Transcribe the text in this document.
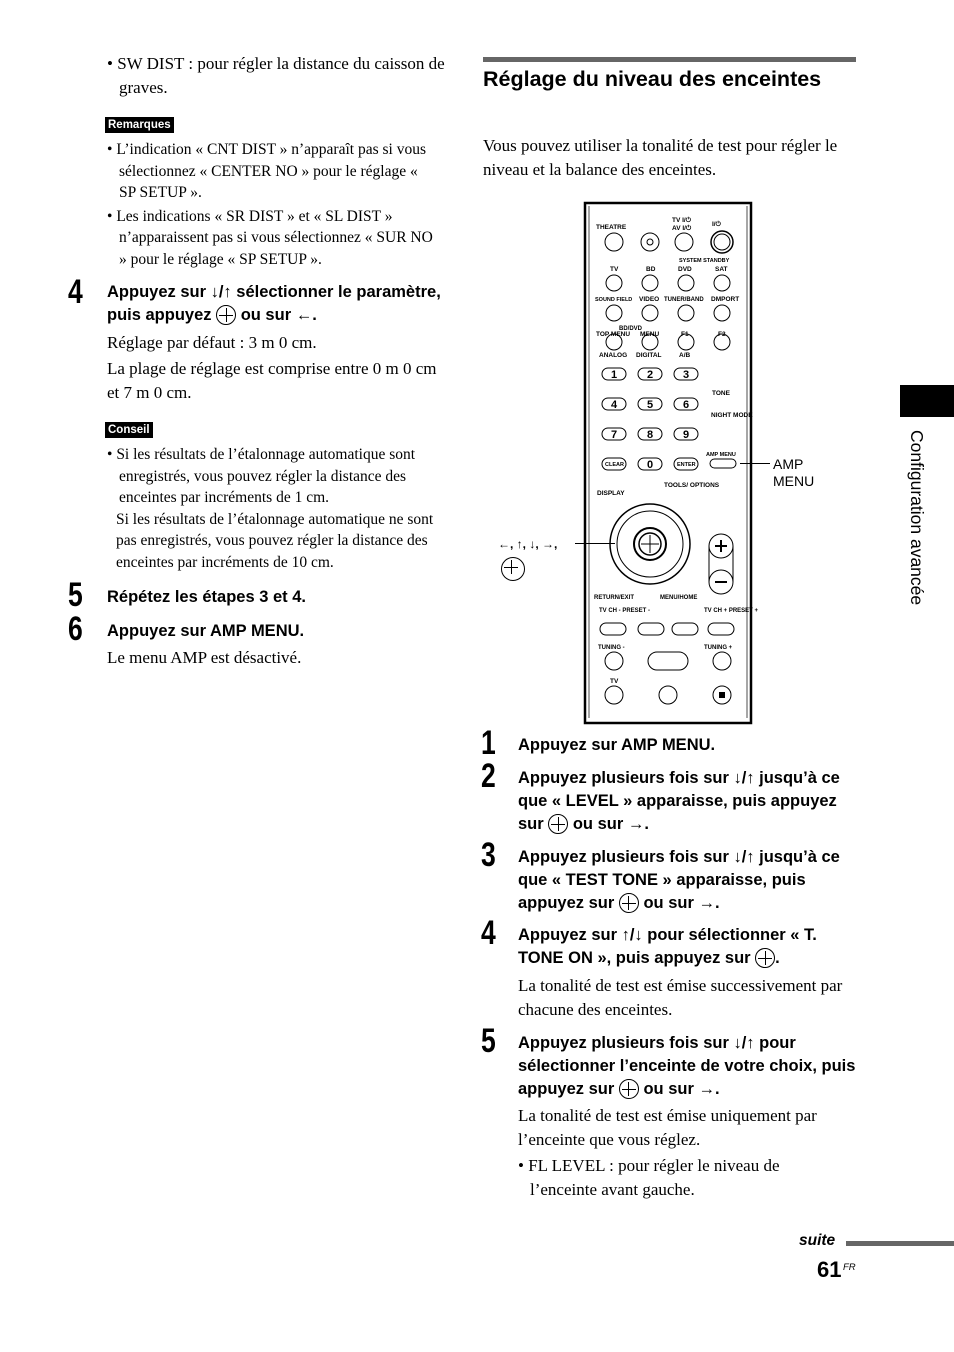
• SW DIST : pour régler la distance du caisson de graves.
Remarques
• L’indication « CNT DIST » n’apparaît pas si vous sélectionnez « CENTER NO » pour le réglage « SP SETUP ».
• Les indications « SR DIST » et « SL DIST » n’apparaissent pas si vous sélectionnez « SUR NO » pour le réglage « SP SETUP ».
4 Appuyez sur ↓/↑ sélectionner le paramètre, puis appuyez  ou sur ←.
Réglage par défaut : 3 m 0 cm.
La plage de réglage est comprise entre 0 m 0 cm et 7 m 0 cm.
Conseil
• Si les résultats de l’étalonnage automatique sont enregistrés, vous pouvez régler la distance des enceintes par incréments de 1 cm.
Si les résultats de l’étalonnage automatique ne sont pas enregistrés, vous pouvez régler la distance des enceintes par incréments de 10 cm.
5 Répétez les étapes 3 et 4.
6 Appuyez sur AMP MENU.
Le menu AMP est désactivé.
Réglage du niveau des enceintes
Vous pouvez utiliser la tonalité de test pour régler le niveau et la balance des enceintes.
THEATRE
TV I/⏻
AV I/⏻
I/⏻
SYSTEM STANDBY
TV	BD	DVD	SAT
SOUND FIELD VIDEO TUNER/BAND DMPORT
BD/DVD
TOP MENU MENU	F1	F2
ANALOG DIGITAL	A/B
1	2	3
4	5	6
7	8	9
CLEAR 0	ENTER
TONE
NIGHT MODE
AMP MENU
TOOLS/ OPTIONS
DISPLAY
RETURN/EXIT	MENU/HOME
TV CH - PRESET -	TV CH + PRESET +
TUNING -	TUNING +
TV
AMP
MENU
←, ↑, ↓, →,
1 Appuyez sur AMP MENU.
2 Appuyez plusieurs fois sur ↓/↑ jusqu’à ce que « LEVEL » apparaisse, puis appuyez sur  ou sur →.
3 Appuyez plusieurs fois sur ↓/↑ jusqu’à ce que « TEST TONE » apparaisse, puis appuyez sur  ou sur →.
4 Appuyez sur ↑/↓ pour sélectionner « T. TONE ON », puis appuyez sur .
La tonalité de test est émise successivement par chacune des enceintes.
5 Appuyez plusieurs fois sur ↓/↑ pour sélectionner l’enceinte de votre choix, puis appuyez sur  ou sur →.
La tonalité de test est émise uniquement par l’enceinte que vous réglez.
• FL LEVEL : pour régler le niveau de l’enceinte avant gauche.
Configuration avancée
suite
61 FR
